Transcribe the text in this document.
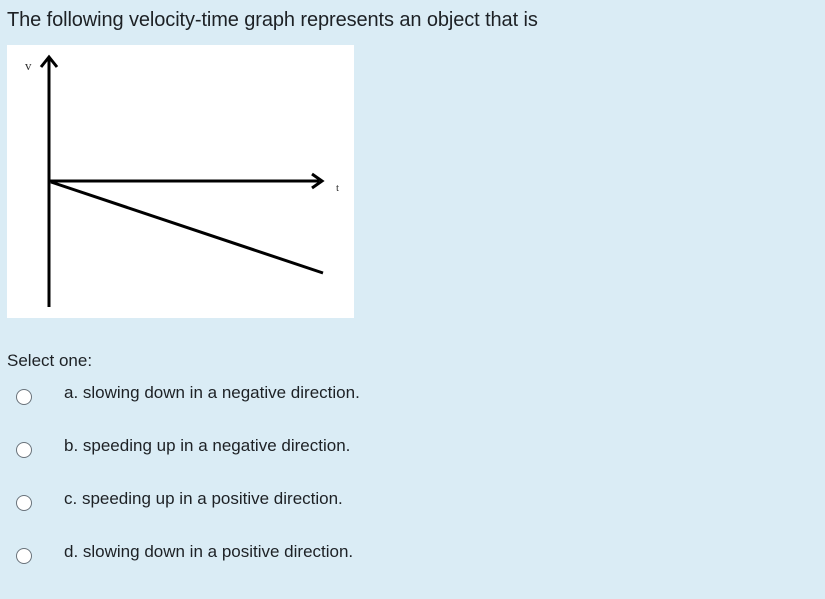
The following velocity-time graph represents an object that is
v
t
Select one:
a. slowing down in a negative direction.
b. speeding up in a negative direction.
c. speeding up in a positive direction.
d. slowing down in a positive direction.
